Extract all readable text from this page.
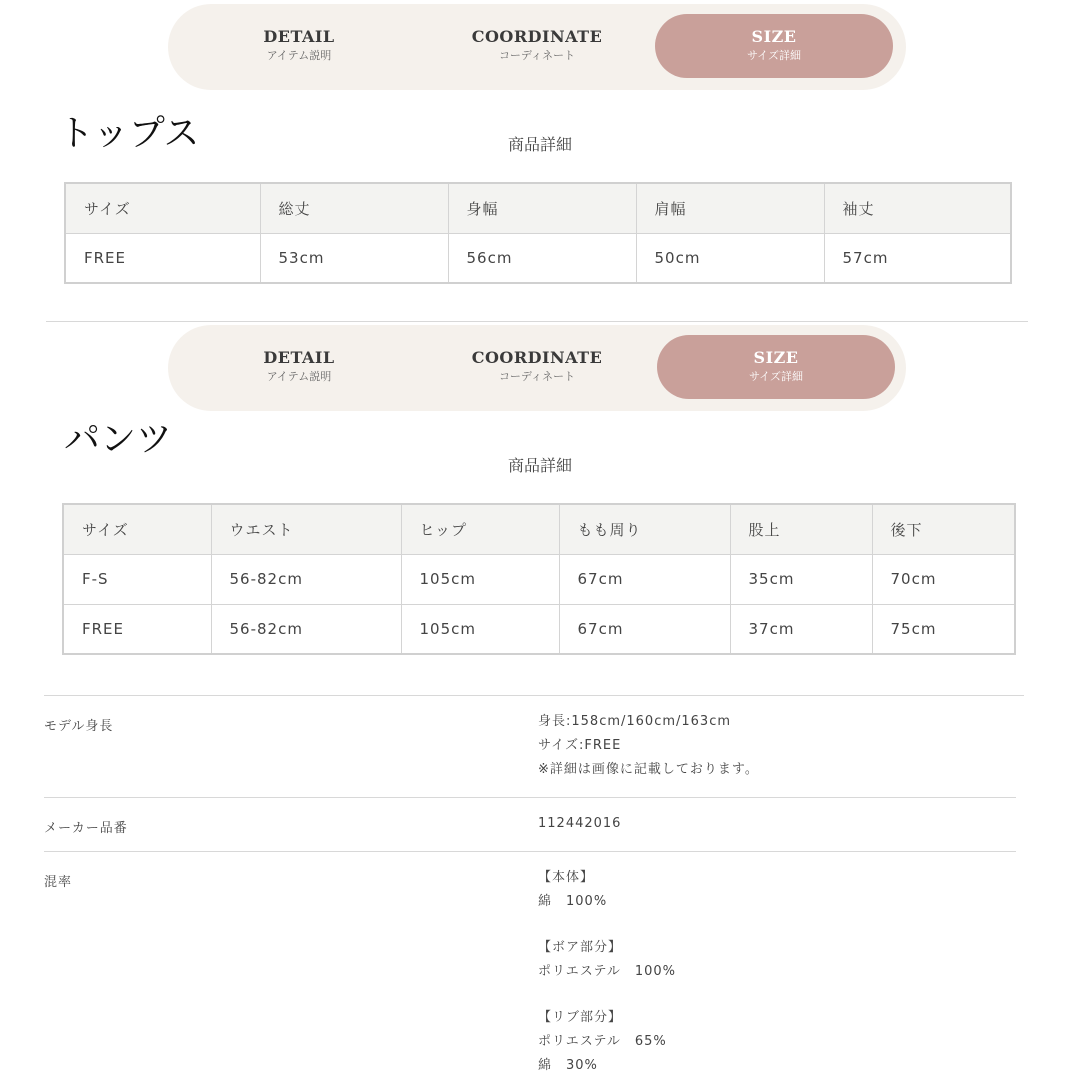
DETAIL
アイテム説明
COORDINATE
コーディネート
SIZE
サイズ詳細
トップス	商品詳細
サイズ	総丈	身幅	肩幅	袖丈
FREE	53cm	56cm	50cm	57cm
DETAIL
アイテム説明
COORDINATE
コーディネート
SIZE
サイズ詳細
パンツ
商品詳細
サイズ	ウエスト	ヒップ	もも周り	股上	後下
F-S	56-82cm	105cm	67cm	35cm	70cm
FREE	56-82cm	105cm	67cm	37cm	75cm
モデル身長	身長:158cm/160cm/163cm
サイズ:FREE
※詳細は画像に記載しております。
メーカー品番	112442016
混率	【本体】
綿　100%
【ボア部分】
ポリエステル　100%
【リブ部分】
ポリエステル　65%
綿　30%
